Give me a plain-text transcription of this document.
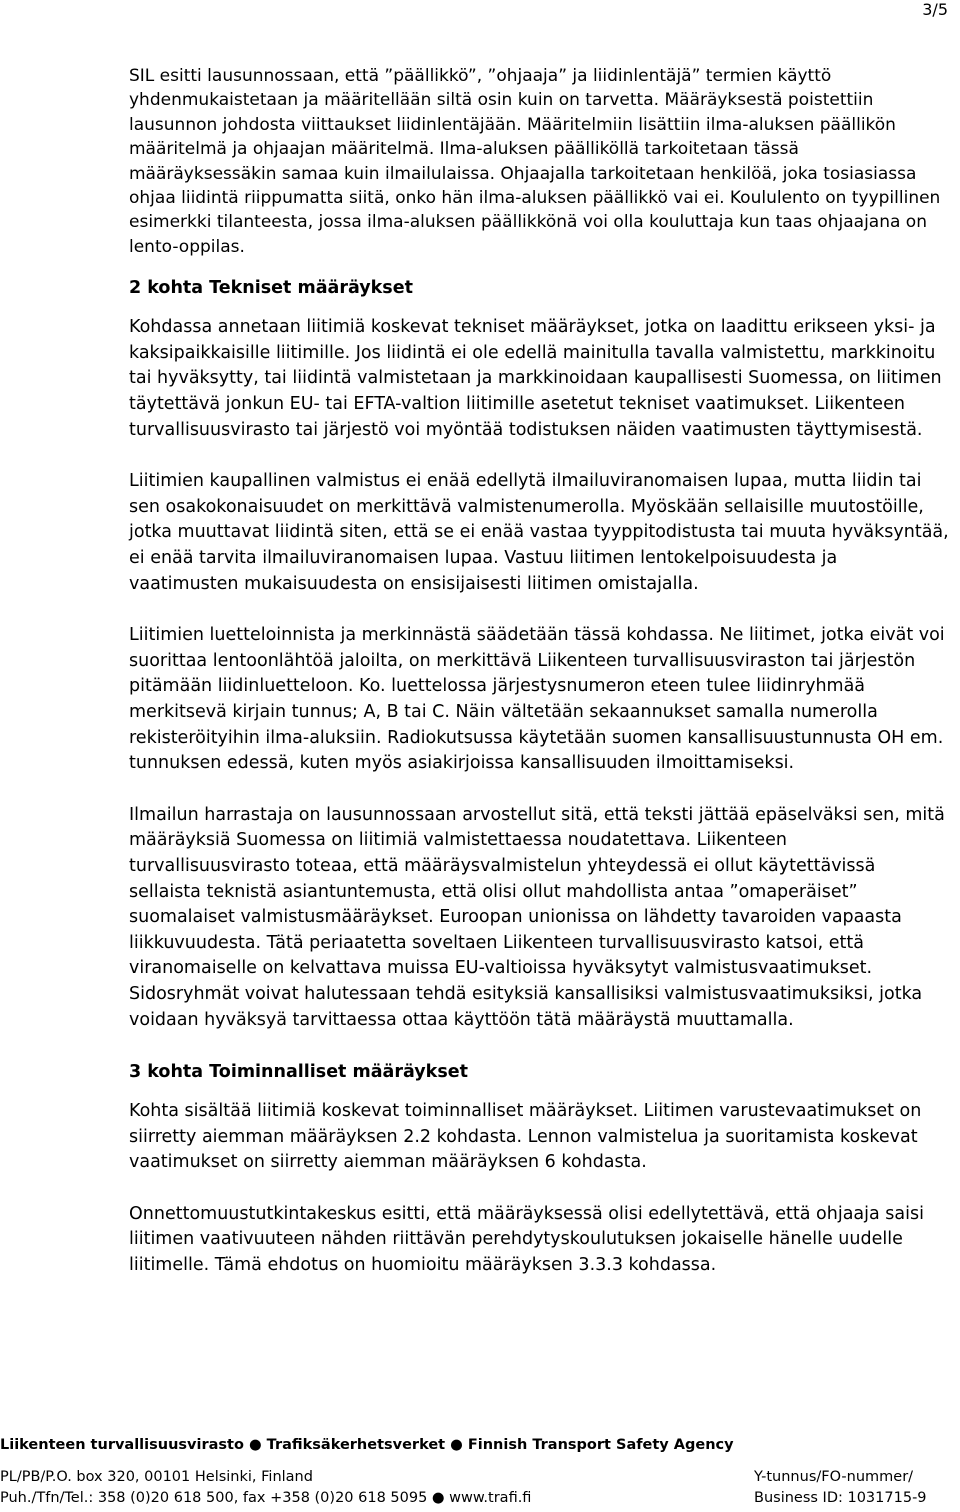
3/5

SIL esitti lausunnossaan, että ”päällikkö”, ”ohjaaja” ja liidinlentäjä” termien käyttö yhdenmukaistetaan ja määritellään siltä osin kuin on tarvetta. Määräyksestä poistettiin lausunnon johdosta viittaukset liidinlentäjään. Määritelmiin lisättiin ilma-aluksen päällikön määritelmä ja ohjaajan määritelmä. Ilma-aluksen päälliköllä tarkoitetaan tässä määräyksessäkin samaa kuin ilmailulaissa. Ohjaajalla tarkoitetaan henkilöä, joka tosiasiassa ohjaa liidintä riippumatta siitä, onko hän ilma-aluksen päällikkö vai ei. Koululento on tyypillinen esimerkki tilanteesta, jossa ilma-aluksen päällikkönä voi olla kouluttaja kun taas ohjaajana on lento-oppilas.

2 kohta Tekniset määräykset

Kohdassa annetaan liitimiä koskevat tekniset määräykset, jotka on laadittu erikseen yksi- ja kaksipaikkaisille liitimille. Jos liidintä ei ole edellä mainitulla tavalla valmistettu, markkinoitu tai hyväksytty, tai liidintä valmistetaan ja markkinoidaan kaupallisesti Suomessa, on liitimen täytettävä jonkun EU- tai EFTA-valtion liitimille asetetut tekniset vaatimukset. Liikenteen turvallisuusvirasto tai järjestö voi myöntää todistuksen näiden vaatimusten täyttymisestä.

Liitimien kaupallinen valmistus ei enää edellytä ilmailuviranomaisen lupaa, mutta liidin tai sen osakokonaisuudet on merkittävä valmistenumerolla. Myöskään sellaisille muutostöille, jotka muuttavat liidintä siten, että se ei enää vastaa tyyppitodistusta tai muuta hyväksyntää, ei enää tarvita ilmailuviranomaisen lupaa. Vastuu liitimen lentokelpoisuudesta ja vaatimusten mukaisuudesta on ensisijaisesti liitimen omistajalla.

Liitimien luetteloinnista ja merkinnästä säädetään tässä kohdassa. Ne liitimet, jotka eivät voi suorittaa lentoonlähtöä jaloilta, on merkittävä Liikenteen turvallisuusviraston tai järjestön pitämään liidinluetteloon. Ko. luettelossa järjestysnumeron eteen tulee liidinryhmää merkitsevä kirjain tunnus; A, B tai C. Näin vältetään sekaannukset samalla numerolla rekisteröityihin ilma-aluksiin. Radiokutsussa käytetään suomen kansallisuustunnusta OH em. tunnuksen edessä, kuten myös asiakirjoissa kansallisuuden ilmoittamiseksi.

Ilmailun harrastaja on lausunnossaan arvostellut sitä, että teksti jättää epäselväksi sen, mitä määräyksiä Suomessa on liitimiä valmistettaessa noudatettava. Liikenteen turvallisuusvirasto toteaa, että määräysvalmistelun yhteydessä ei ollut käytettävissä sellaista teknistä asiantuntemusta, että olisi ollut mahdollista antaa ”omaperäiset” suomalaiset valmistusmääräykset. Euroopan unionissa on lähdetty tavaroiden vapaasta liikkuvuudesta. Tätä periaatetta soveltaen Liikenteen turvallisuusvirasto katsoi, että viranomaiselle on kelvattava muissa EU-valtioissa hyväksytyt valmistusvaatimukset. Sidosryhmät voivat halutessaan tehdä esityksiä kansallisiksi valmistusvaatimuksiksi, jotka voidaan hyväksyä tarvittaessa ottaa käyttöön tätä määräystä muuttamalla.

3 kohta Toiminnalliset määräykset

Kohta sisältää liitimiä koskevat toiminnalliset määräykset. Liitimen varustevaatimukset on siirretty aiemman määräyksen 2.2 kohdasta. Lennon valmistelua ja suoritamista koskevat vaatimukset on siirretty aiemman määräyksen 6 kohdasta.

Onnettomuustutkintakeskus esitti, että määräyksessä olisi edellytettävä, että ohjaaja saisi liitimen vaativuuteen nähden riittävän perehdytyskoulutuksen jokaiselle hänelle uudelle liitimelle. Tämä ehdotus on huomioitu määräyksen 3.3.3 kohdassa.

Liikenteen turvallisuusvirasto ● Trafiksäkerhetsverket ● Finnish Transport Safety Agency
PL/PB/P.O. box 320, 00101 Helsinki, Finland
Puh./Tfn/Tel.: 358 (0)20 618 500, fax +358 (0)20 618 5095 ● www.trafi.fi
Y-tunnus/FO-nummer/
Business ID: 1031715-9
